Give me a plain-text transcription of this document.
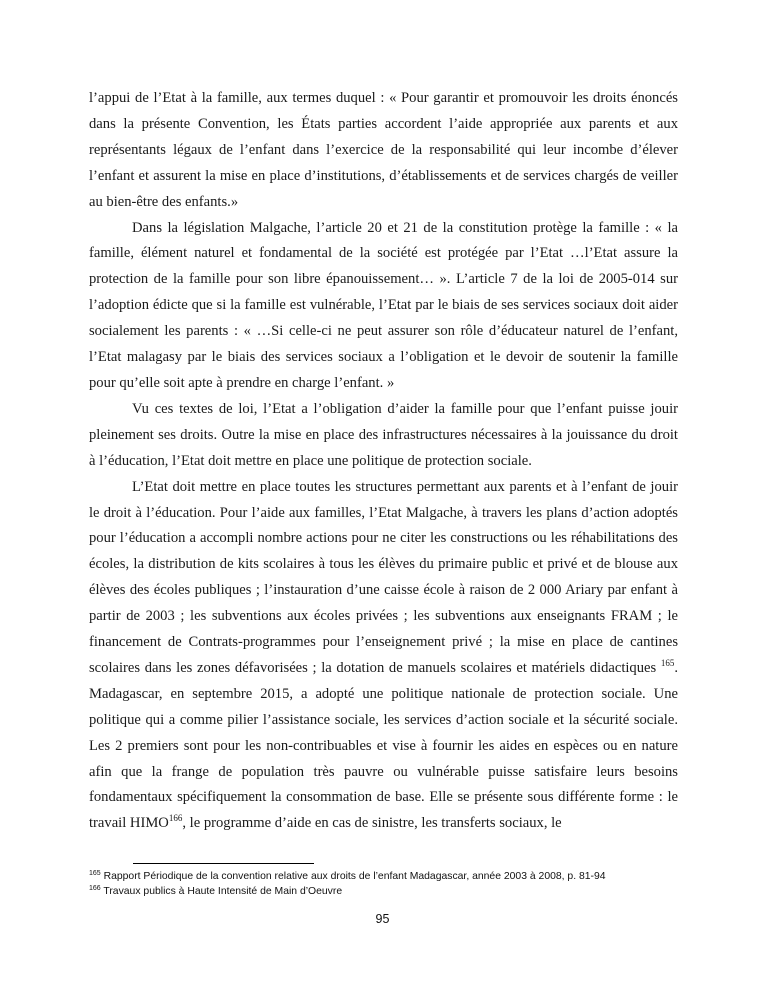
l’appui de l’Etat à la famille, aux termes duquel : « Pour garantir et promouvoir les droits énoncés dans la présente Convention, les États parties accordent l’aide appropriée aux parents et aux représentants légaux de l’enfant dans l’exercice de la responsabilité qui leur incombe d’élever l’enfant et assurent la mise en place d’institutions, d’établissements et de services chargés de veiller au bien-être des enfants.»

Dans la législation Malgache, l’article 20 et 21 de la constitution protège la famille : « la famille, élément naturel et fondamental de la société est protégée par l’Etat …l’Etat assure la protection de la famille pour son libre épanouissement… ». L’article 7 de la loi de 2005-014 sur l’adoption édicte que si la famille est vulnérable, l’Etat par le biais de ses services sociaux doit aider socialement les parents : « …Si celle-ci ne peut assurer son rôle d’éducateur naturel de l’enfant, l’Etat malagasy par le biais des services sociaux a l’obligation et le devoir de soutenir la famille pour qu’elle soit apte à prendre en charge l’enfant. »

Vu ces textes de loi, l’Etat a l’obligation d’aider la famille pour que l’enfant puisse jouir pleinement ses droits. Outre la mise en place des infrastructures nécessaires à la jouissance du droit à l’éducation, l’Etat doit mettre en place une politique de protection sociale.

L’Etat doit mettre en place toutes les structures permettant aux parents et à l’enfant de jouir le droit à l’éducation. Pour l’aide aux familles, l’Etat Malgache, à travers les plans d’action adoptés pour l’éducation a accompli nombre actions pour ne citer les constructions ou les réhabilitations des écoles, la distribution de kits scolaires à tous les élèves du primaire public et privé et de blouse aux élèves des écoles publiques ; l’instauration d’une caisse école à raison de 2 000 Ariary par enfant à partir de 2003 ; les subventions aux écoles privées ; les subventions aux enseignants FRAM ; le financement de Contrats-programmes pour l’enseignement privé ; la mise en place de cantines scolaires dans les zones défavorisées ; la dotation de manuels scolaires et matériels didactiques $^{165}$. Madagascar, en septembre 2015, a adopté une politique nationale de protection sociale. Une politique qui a comme pilier l’assistance sociale, les services d’action sociale et la sécurité sociale. Les 2 premiers sont pour les non-contribuables et vise à fournir les aides en espèces ou en nature afin que la frange de population très pauvre ou vulnérable puisse satisfaire leurs besoins fondamentaux spécifiquement la consommation de base. Elle se présente sous différente forme : le travail HIMO$^{166}$, le programme d’aide en cas de sinistre, les transferts sociaux, le

$^{165}$ Rapport Périodique de la convention relative aux droits de l’enfant Madagascar, année 2003 à 2008, p. 81-94
$^{166}$ Travaux publics à Haute Intensité de Main d’Oeuvre
95
